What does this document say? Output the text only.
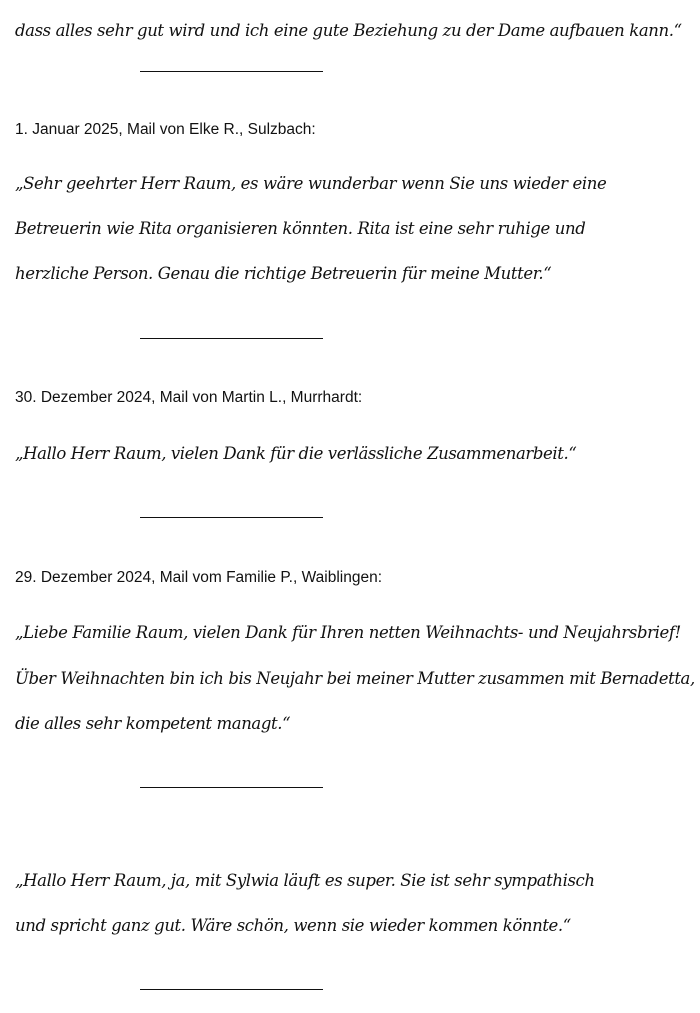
dass alles sehr gut wird und ich eine gute Beziehung zu der Dame aufbauen kann.“
1. Januar 2025, Mail von Elke R., Sulzbach:
„Sehr geehrter Herr Raum, es wäre wunderbar wenn Sie uns wieder eine
Betreuerin wie Rita organisieren könnten. Rita ist eine sehr ruhige und
herzliche Person. Genau die richtige Betreuerin für meine Mutter.“
30. Dezember 2024, Mail von Martin L., Murrhardt:
„Hallo Herr Raum, vielen Dank für die verlässliche Zusammenarbeit.“
29. Dezember 2024, Mail vom Familie P., Waiblingen:
„Liebe Familie Raum, vielen Dank für Ihren netten Weihnachts- und Neujahrsbrief!
Über Weihnachten bin ich bis Neujahr bei meiner Mutter zusammen mit Bernadetta,
die alles sehr kompetent managt.“
„Hallo Herr Raum, ja, mit Sylwia läuft es super. Sie ist sehr sympathisch
und spricht ganz gut. Wäre schön, wenn sie wieder kommen könnte.“
